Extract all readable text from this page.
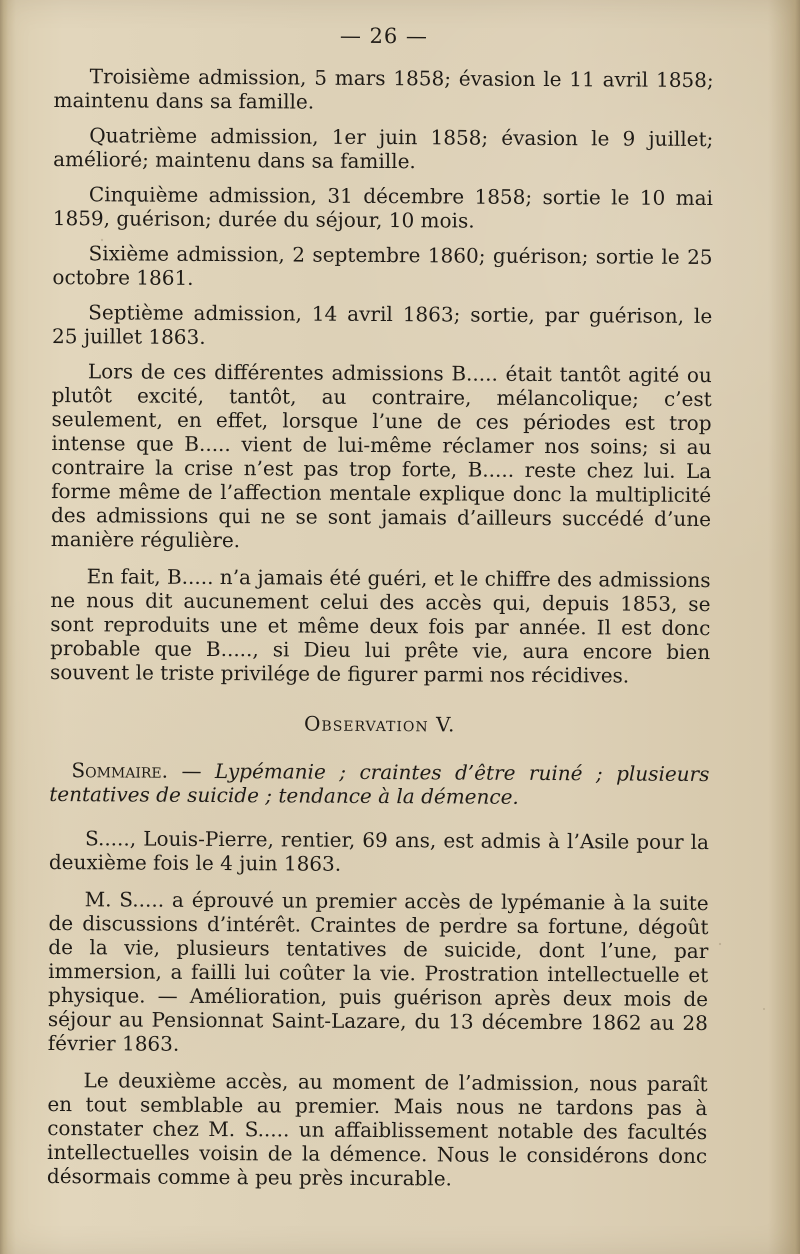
— 26 —

Troisième admission, 5 mars 1858; évasion le 11 avril 1858; maintenu dans sa famille.

Quatrième admission, 1er juin 1858; évasion le 9 juillet; amélioré; maintenu dans sa famille.

Cinquième admission, 31 décembre 1858; sortie le 10 mai 1859, guérison; durée du séjour, 10 mois.

Sixième admission, 2 septembre 1860; guérison; sortie le 25 octobre 1861.

Septième admission, 14 avril 1863; sortie, par guérison, le 25 juillet 1863.

Lors de ces différentes admissions B..... était tantôt agité ou plutôt excité, tantôt, au contraire, mélancolique; c’est seulement, en effet, lorsque l’une de ces périodes est trop intense que B..... vient de lui-même réclamer nos soins; si au contraire la crise n’est pas trop forte, B..... reste chez lui. La forme même de l’affection mentale explique donc la multiplicité des admissions qui ne se sont jamais d’ailleurs succédé d’une manière régulière.

En fait, B..... n’a jamais été guéri, et le chiffre des admissions ne nous dit aucunement celui des accès qui, depuis 1853, se sont reproduits une et même deux fois par année. Il est donc probable que B....., si Dieu lui prête vie, aura encore bien souvent le triste privilége de figurer parmi nos récidives.

Observation V.

Sommaire. — Lypémanie ; craintes d’être ruiné ; plusieurs tentatives de suicide ; tendance à la démence.

S....., Louis-Pierre, rentier, 69 ans, est admis à l’Asile pour la deuxième fois le 4 juin 1863.

M. S..... a éprouvé un premier accès de lypémanie à la suite de discussions d’intérêt. Craintes de perdre sa fortune, dégoût de la vie, plusieurs tentatives de suicide, dont l’une, par immersion, a failli lui coûter la vie. Prostration intellectuelle et physique. — Amélioration, puis guérison après deux mois de séjour au Pensionnat Saint-Lazare, du 13 décembre 1862 au 28 février 1863.

Le deuxième accès, au moment de l’admission, nous paraît en tout semblable au premier. Mais nous ne tardons pas à constater chez M. S..... un affaiblissement notable des facultés intellectuelles voisin de la démence. Nous le considérons donc désormais comme à peu près incurable.
